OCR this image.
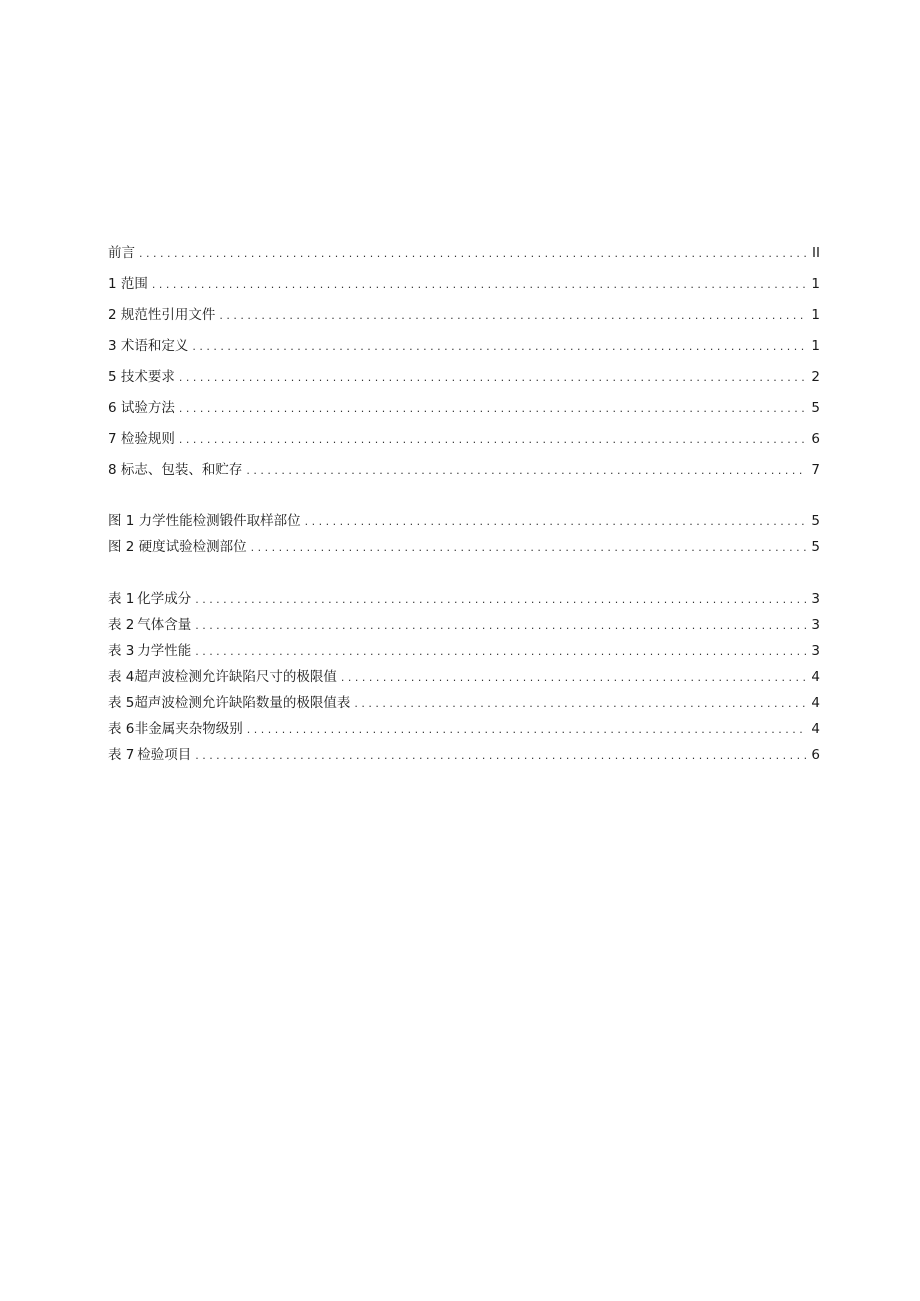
前言 . . .	II
1 范围 . . .	1
2 规范性引用文件 . . .	1
3 术语和定义 . . .	1
5 技术要求 . . .	2
6 试验方法 . . .	5
7 检验规则 . . .	6
8 标志、包装、和贮存 . . .	7
图 1 力学性能检测锻件取样部位 . . .	5
图 2 硬度试验检测部位 . . .	5
表 1 化学成分 . . .	3
表 2 气体含量 . . .	3
表 3 力学性能 . . .	3
表 4 超声波检测允许缺陷尺寸的极限值 . . .	4
表 5 超声波检测允许缺陷数量的极限值表 . . .	4
表 6 非金属夹杂物级别 . . .	4
表 7 检验项目 . . .	6
